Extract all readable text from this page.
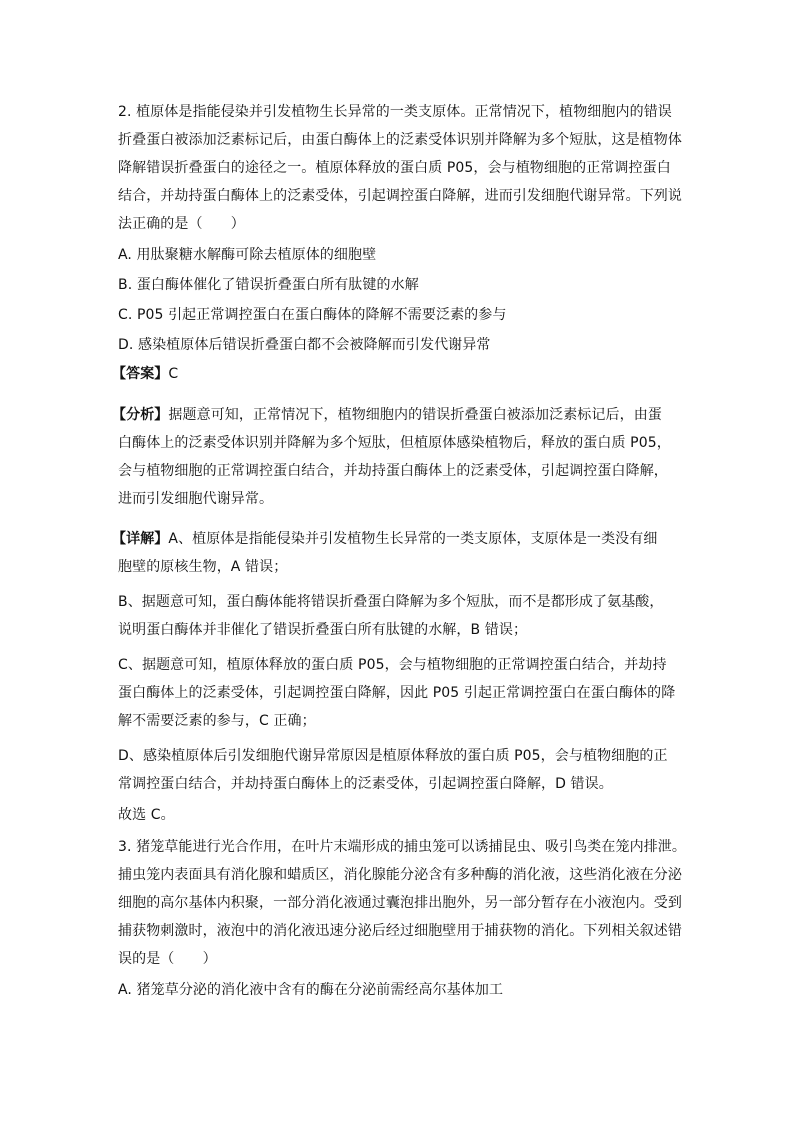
2. 植原体是指能侵染并引发植物生长异常的一类支原体。正常情况下，植物细胞内的错误
折叠蛋白被添加泛素标记后，由蛋白酶体上的泛素受体识别并降解为多个短肽，这是植物体
降解错误折叠蛋白的途径之一。植原体释放的蛋白质 P05，会与植物细胞的正常调控蛋白
结合，并劫持蛋白酶体上的泛素受体，引起调控蛋白降解，进而引发细胞代谢异常。下列说
法正确的是（　　）
A. 用肽聚糖水解酶可除去植原体的细胞壁
B. 蛋白酶体催化了错误折叠蛋白所有肽键的水解
C. P05 引起正常调控蛋白在蛋白酶体的降解不需要泛素的参与
D. 感染植原体后错误折叠蛋白都不会被降解而引发代谢异常
【答案】C
【分析】据题意可知，正常情况下，植物细胞内的错误折叠蛋白被添加泛素标记后，由蛋
白酶体上的泛素受体识别并降解为多个短肽，但植原体感染植物后，释放的蛋白质 P05，
会与植物细胞的正常调控蛋白结合，并劫持蛋白酶体上的泛素受体，引起调控蛋白降解，
进而引发细胞代谢异常。
【详解】A、植原体是指能侵染并引发植物生长异常的一类支原体，支原体是一类没有细
胞壁的原核生物，A 错误；
B、据题意可知，蛋白酶体能将错误折叠蛋白降解为多个短肽，而不是都形成了氨基酸，
说明蛋白酶体并非催化了错误折叠蛋白所有肽键的水解，B 错误；
C、据题意可知，植原体释放的蛋白质 P05，会与植物细胞的正常调控蛋白结合，并劫持
蛋白酶体上的泛素受体，引起调控蛋白降解，因此 P05 引起正常调控蛋白在蛋白酶体的降
解不需要泛素的参与，C 正确；
D、感染植原体后引发细胞代谢异常原因是植原体释放的蛋白质 P05，会与植物细胞的正
常调控蛋白结合，并劫持蛋白酶体上的泛素受体，引起调控蛋白降解，D 错误。
故选 C。
3. 猪笼草能进行光合作用，在叶片末端形成的捕虫笼可以诱捕昆虫、吸引鸟类在笼内排泄。
捕虫笼内表面具有消化腺和蜡质区，消化腺能分泌含有多种酶的消化液，这些消化液在分泌
细胞的高尔基体内积聚，一部分消化液通过囊泡排出胞外，另一部分暂存在小液泡内。受到
捕获物刺激时，液泡中的消化液迅速分泌后经过细胞壁用于捕获物的消化。下列相关叙述错
误的是（　　）
A. 猪笼草分泌的消化液中含有的酶在分泌前需经高尔基体加工
